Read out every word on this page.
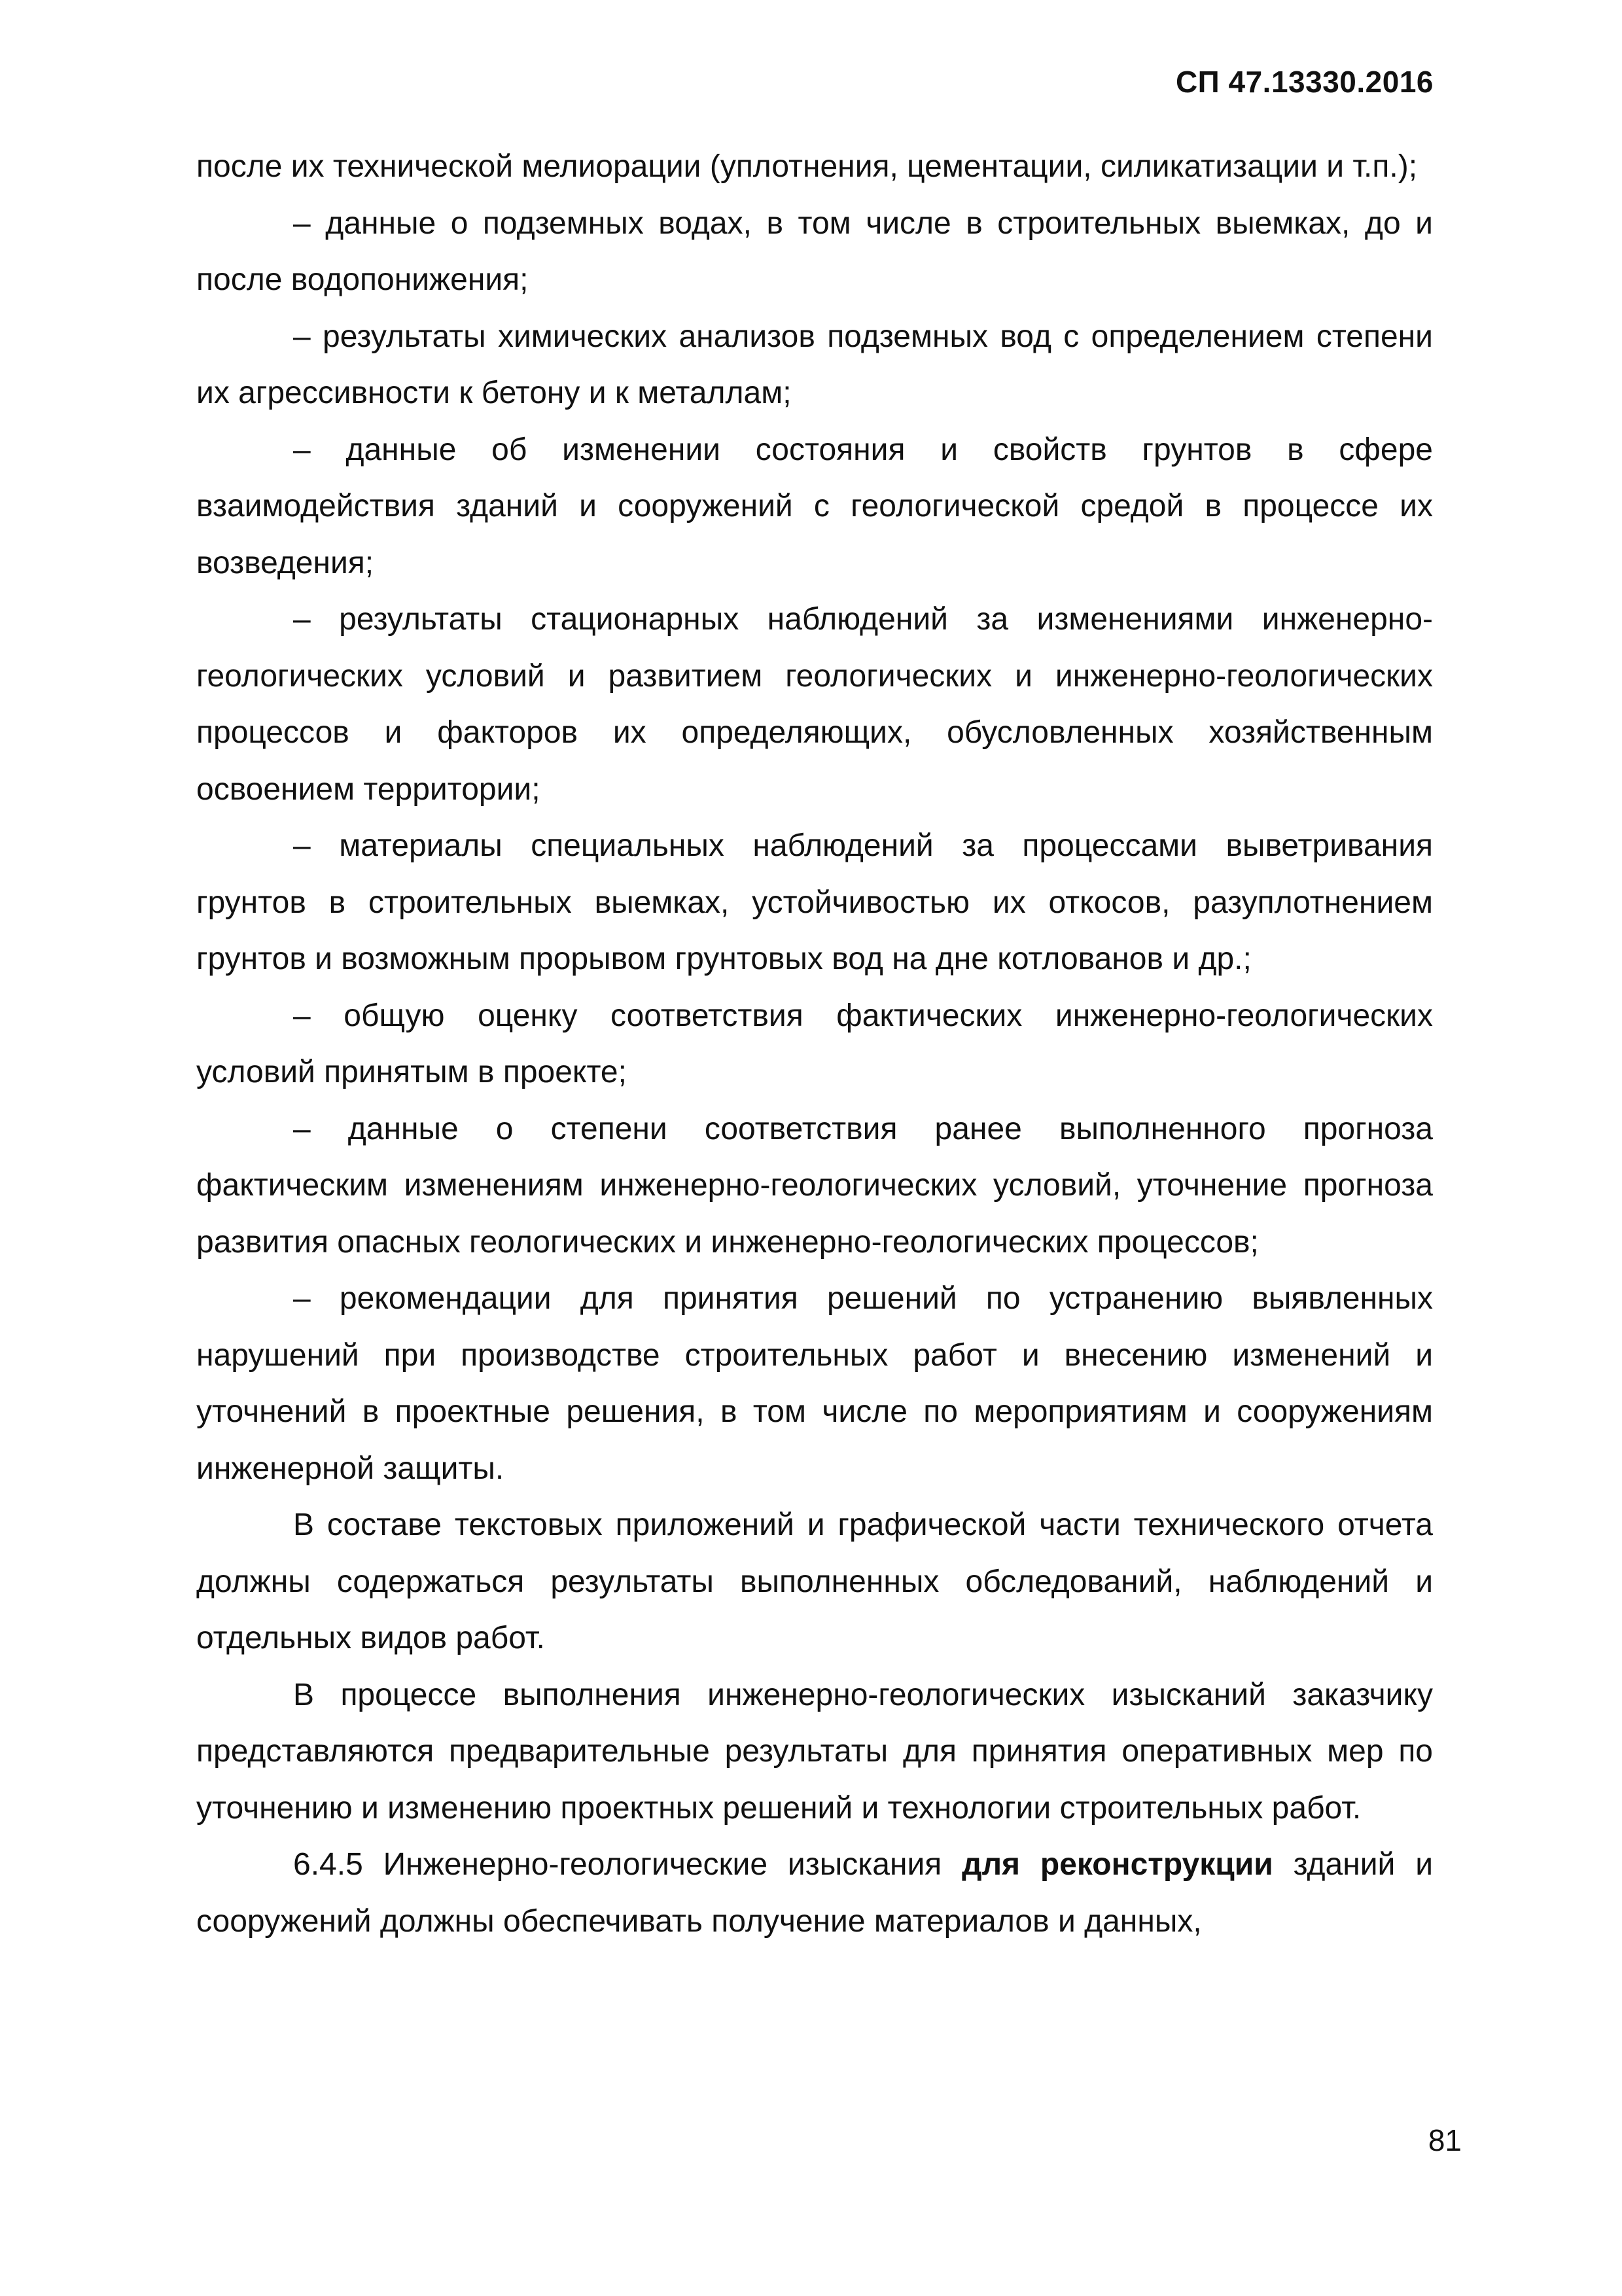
СП 47.13330.2016

после их технической мелиорации (уплотнения, цементации, силикатизации и т.п.);

– данные о подземных водах, в том числе в строительных выемках, до и после водопонижения;

– результаты химических анализов подземных вод с определением степени их агрессивности к бетону и к металлам;

– данные об изменении состояния и свойств грунтов в сфере взаимодействия зданий и сооружений с геологической средой в процессе их возведения;

– результаты стационарных наблюдений за изменениями инженерно-геологических условий и развитием геологических и инженерно-геологических процессов и факторов их определяющих, обусловленных хозяйственным освоением территории;

– материалы специальных наблюдений за процессами выветривания грунтов в строительных выемках, устойчивостью их откосов, разуплотнением грунтов и возможным прорывом грунтовых вод на дне котлованов и др.;

– общую оценку соответствия фактических инженерно-геологических условий принятым в проекте;

– данные о степени соответствия ранее выполненного прогноза фактическим изменениям инженерно-геологических условий, уточнение прогноза развития опасных геологических и инженерно-геологических процессов;

– рекомендации для принятия решений по устранению выявленных нарушений при производстве строительных работ и внесению изменений и уточнений в проектные решения, в том числе по мероприятиям и сооружениям инженерной защиты.

В составе текстовых приложений и графической части технического отчета должны содержаться результаты выполненных обследований, наблюдений и отдельных видов работ.

В процессе выполнения инженерно-геологических изысканий заказчику представляются предварительные результаты для принятия оперативных мер по уточнению и изменению проектных решений и технологии строительных работ.

6.4.5 Инженерно-геологические изыскания для реконструкции зданий и сооружений должны обеспечивать получение материалов и данных,

81
